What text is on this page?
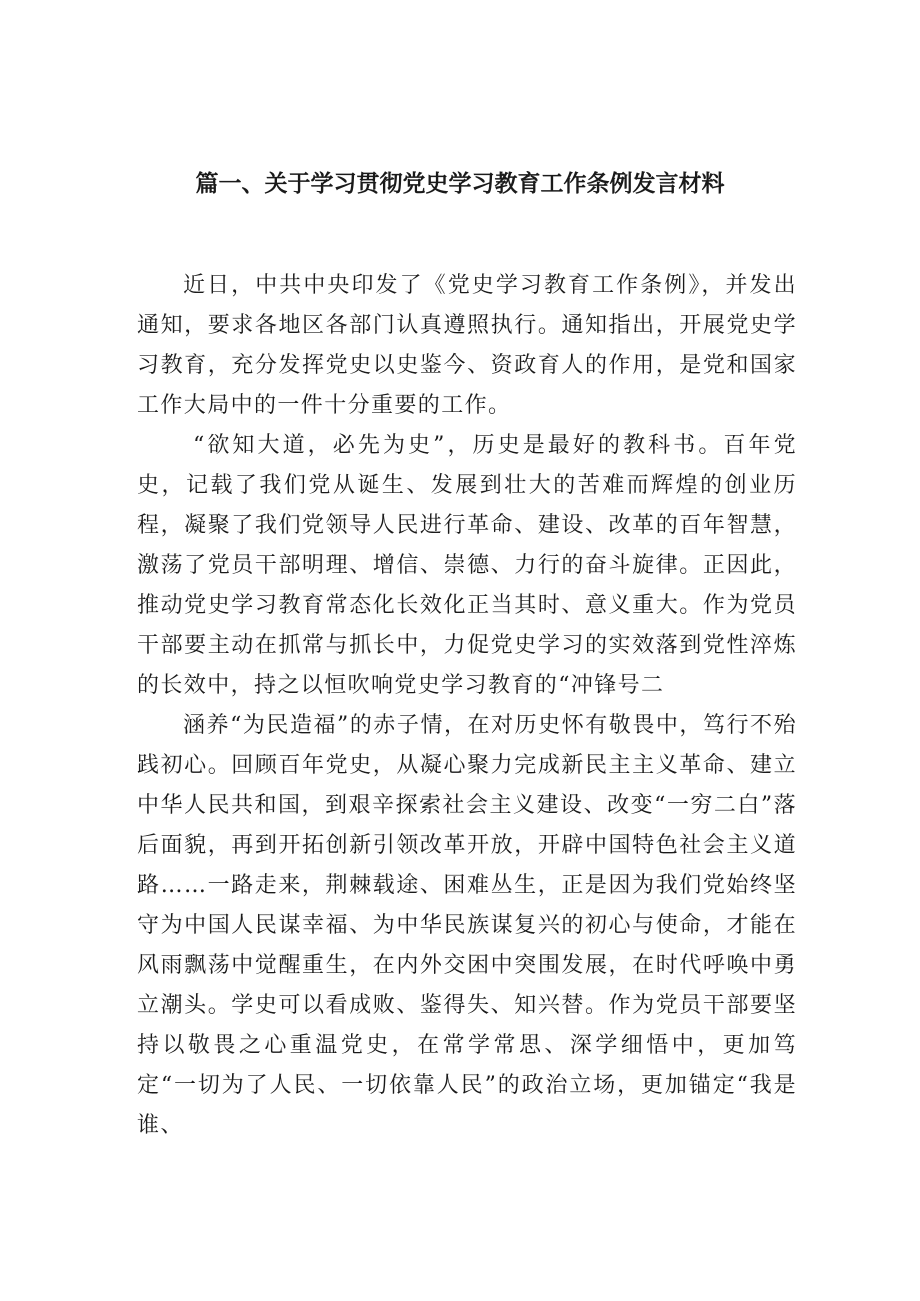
篇一、关于学习贯彻党史学习教育工作条例发言材料

近日，中共中央印发了《党史学习教育工作条例》，并发出通知，要求各地区各部门认真遵照执行。通知指出，开展党史学习教育，充分发挥党史以史鉴今、资政育人的作用，是党和国家工作大局中的一件十分重要的工作。

“欲知大道，必先为史”，历史是最好的教科书。百年党史，记载了我们党从诞生、发展到壮大的苦难而辉煌的创业历程，凝聚了我们党领导人民进行革命、建设、改革的百年智慧，激荡了党员干部明理、增信、崇德、力行的奋斗旋律。正因此，推动党史学习教育常态化长效化正当其时、意义重大。作为党员干部要主动在抓常与抓长中，力促党史学习的实效落到党性淬炼的长效中，持之以恒吹响党史学习教育的“冲锋号二

涵养“为民造福”的赤子情，在对历史怀有敬畏中，笃行不殆践初心。回顾百年党史，从凝心聚力完成新民主主义革命、建立中华人民共和国，到艰辛探索社会主义建设、改变“一穷二白”落后面貌，再到开拓创新引领改革开放，开辟中国特色社会主义道路……一路走来，荆棘载途、困难丛生，正是因为我们党始终坚守为中国人民谋幸福、为中华民族谋复兴的初心与使命，才能在风雨飘荡中觉醒重生，在内外交困中突围发展，在时代呼唤中勇立潮头。学史可以看成败、鉴得失、知兴替。作为党员干部要坚持以敬畏之心重温党史，在常学常思、深学细悟中，更加笃定“一切为了人民、一切依靠人民”的政治立场，更加锚定“我是谁、
